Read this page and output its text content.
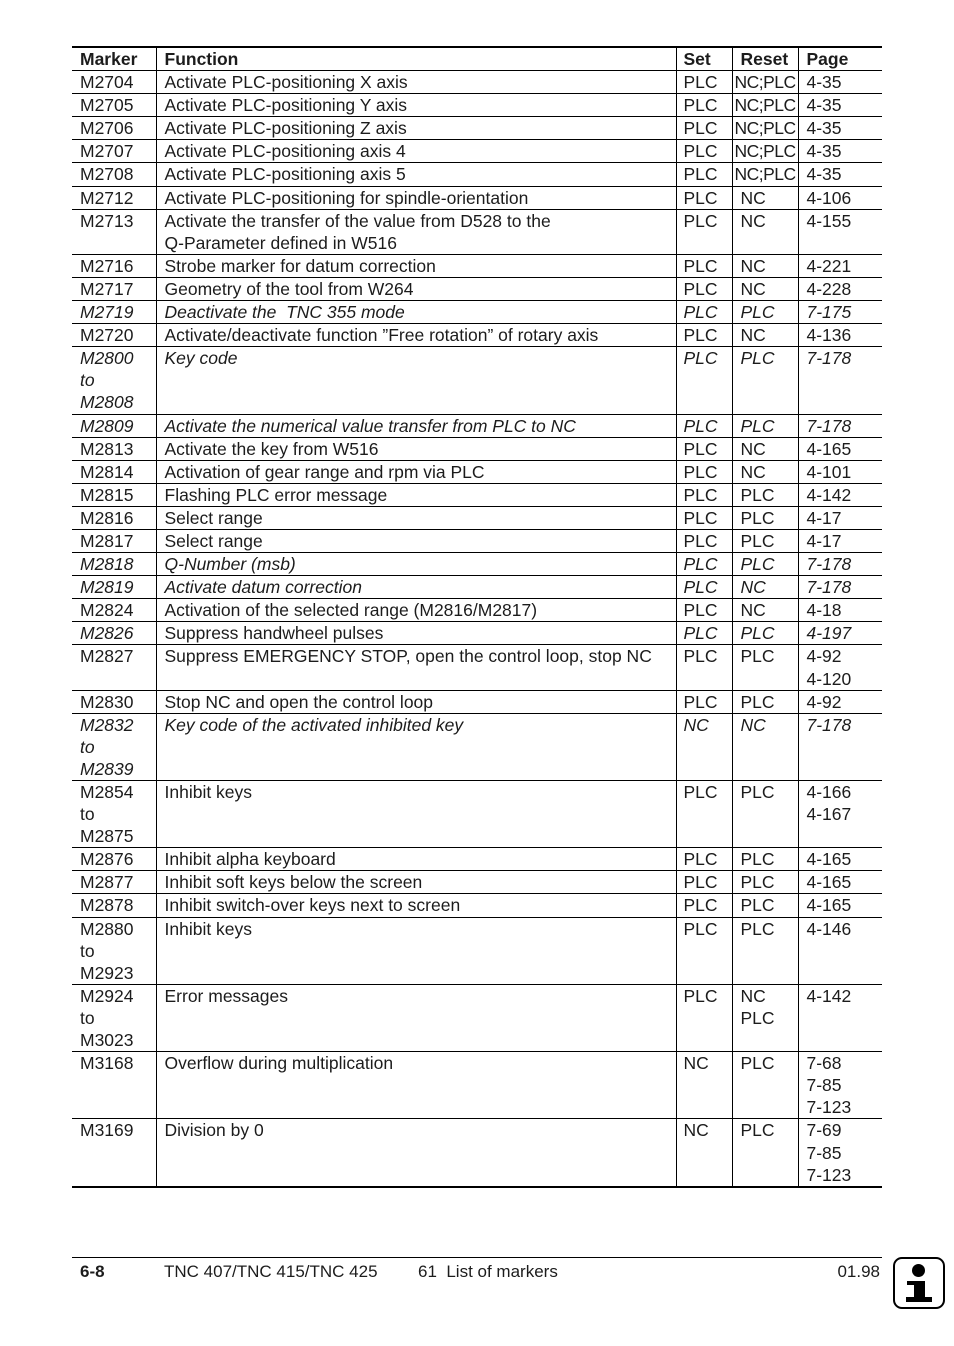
Marker	Function	Set	Reset	Page
M2704	Activate PLC-positioning X axis	PLC	NC;PLC	4-35
M2705	Activate PLC-positioning Y axis	PLC	NC;PLC	4-35
M2706	Activate PLC-positioning Z axis	PLC	NC;PLC	4-35
M2707	Activate PLC-positioning axis 4	PLC	NC;PLC	4-35
M2708	Activate PLC-positioning axis 5	PLC	NC;PLC	4-35
M2712	Activate PLC-positioning for spindle-orientation	PLC	NC	4-106
M2713	Activate the transfer of the value from D528 to the
Q-Parameter defined in W516	PLC	NC	4-155
M2716	Strobe marker for datum correction	PLC	NC	4-221
M2717	Geometry of the tool from W264	PLC	NC	4-228
M2719	Deactivate the  TNC 355 mode	PLC	PLC	7-175
M2720	Activate/deactivate function ”Free rotation” of rotary axis	PLC	NC	4-136
M2800
to
M2808	Key code	PLC	PLC	7-178
M2809	Activate the numerical value transfer from PLC to NC	PLC	PLC	7-178
M2813	Activate the key from W516	PLC	NC	4-165
M2814	Activation of gear range and rpm via PLC	PLC	NC	4-101
M2815	Flashing PLC error message	PLC	PLC	4-142
M2816	Select range	PLC	PLC	4-17
M2817	Select range	PLC	PLC	4-17
M2818	Q-Number (msb)	PLC	PLC	7-178
M2819	Activate datum correction	PLC	NC	7-178
M2824	Activation of the selected range (M2816/M2817)	PLC	NC	4-18
M2826	Suppress handwheel pulses	PLC	PLC	4-197
M2827	Suppress EMERGENCY STOP, open the control loop, stop NC	PLC	PLC	4-92
4-120
M2830	Stop NC and open the control loop	PLC	PLC	4-92
M2832
to
M2839	Key code of the activated inhibited key	NC	NC	7-178
M2854
to
M2875	Inhibit keys	PLC	PLC	4-166
4-167
M2876	Inhibit alpha keyboard	PLC	PLC	4-165
M2877	Inhibit soft keys below the screen	PLC	PLC	4-165
M2878	Inhibit switch-over keys next to screen	PLC	PLC	4-165
M2880
to
M2923	Inhibit keys	PLC	PLC	4-146
M2924
to
M3023	Error messages	PLC	NC
PLC	4-142
M3168	Overflow during multiplication	NC	PLC	7-68
7-85
7-123
M3169	Division by 0	NC	PLC	7-69
7-85
7-123
6-8	TNC 407/TNC 415/TNC 425 61  List of markers	01.98
